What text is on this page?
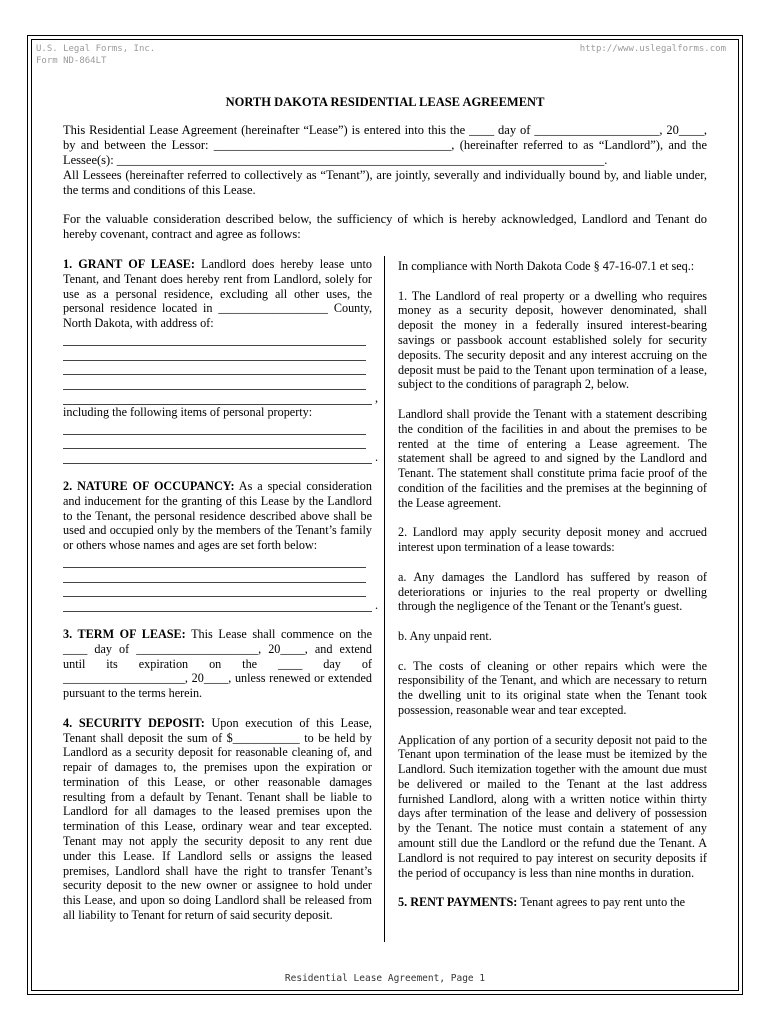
U.S. Legal Forms, Inc.
Form ND-864LT
http://www.uslegalforms.com
NORTH DAKOTA RESIDENTIAL LEASE AGREEMENT

This Residential Lease Agreement (hereinafter “Lease”) is entered into this the ____ day of ____________________, 20____, by and between the Lessor: ______________________________________, (hereinafter referred to as “Landlord”), and the Lessee(s): ______________________________________________________________________________.

All Lessees (hereinafter referred to collectively as “Tenant”), are jointly, severally and individually bound by, and liable under, the terms and conditions of this Lease.

For the valuable consideration described below, the sufficiency of which is hereby acknowledged, Landlord and Tenant do hereby covenant, contract and agree as follows:

1. GRANT OF LEASE: Landlord does hereby lease unto Tenant, and Tenant does hereby rent from Landlord, solely for use as a personal residence, excluding all other uses, the personal residence located in __________________ County, North Dakota, with address of:

,

including the following items of personal property:

.

2. NATURE OF OCCUPANCY: As a special consideration and inducement for the granting of this Lease by the Landlord to the Tenant, the personal residence described above shall be used and occupied only by the members of the Tenant’s family or others whose names and ages are set forth below:

.

3. TERM OF LEASE: This Lease shall commence on the ____ day of ____________________, 20____, and extend until its expiration on the ____ day of ____________________, 20____, unless renewed or extended pursuant to the terms herein.

4. SECURITY DEPOSIT: Upon execution of this Lease, Tenant shall deposit the sum of $___________ to be held by Landlord as a security deposit for reasonable cleaning of, and repair of damages to, the premises upon the expiration or termination of this Lease, or other reasonable damages resulting from a default by Tenant. Tenant shall be liable to Landlord for all damages to the leased premises upon the termination of this Lease, ordinary wear and tear excepted. Tenant may not apply the security deposit to any rent due under this Lease. If Landlord sells or assigns the leased premises, Landlord shall have the right to transfer Tenant’s security deposit to the new owner or assignee to hold under this Lease, and upon so doing Landlord shall be released from all liability to Tenant for return of said security deposit.

In compliance with North Dakota Code § 47-16-07.1 et seq.:

1. The Landlord of real property or a dwelling who requires money as a security deposit, however denominated, shall deposit the money in a federally insured interest-bearing savings or passbook account established solely for security deposits. The security deposit and any interest accruing on the deposit must be paid to the Tenant upon termination of a lease, subject to the conditions of paragraph 2, below.

Landlord shall provide the Tenant with a statement describing the condition of the facilities in and about the premises to be rented at the time of entering a Lease agreement. The statement shall be agreed to and signed by the Landlord and Tenant. The statement shall constitute prima facie proof of the condition of the facilities and the premises at the beginning of the Lease agreement.

2. Landlord may apply security deposit money and accrued interest upon termination of a lease towards:

a. Any damages the Landlord has suffered by reason of deteriorations or injuries to the real property or dwelling through the negligence of the Tenant or the Tenant's guest.

b. Any unpaid rent.

c. The costs of cleaning or other repairs which were the responsibility of the Tenant, and which are necessary to return the dwelling unit to its original state when the Tenant took possession, reasonable wear and tear excepted.

Application of any portion of a security deposit not paid to the Tenant upon termination of the lease must be itemized by the Landlord. Such itemization together with the amount due must be delivered or mailed to the Tenant at the last address furnished Landlord, along with a written notice within thirty days after termination of the lease and delivery of possession by the Tenant. The notice must contain a statement of any amount still due the Landlord or the refund due the Tenant. A Landlord is not required to pay interest on security deposits if the period of occupancy is less than nine months in duration.

5. RENT PAYMENTS: Tenant agrees to pay rent unto the

Residential Lease Agreement, Page 1
